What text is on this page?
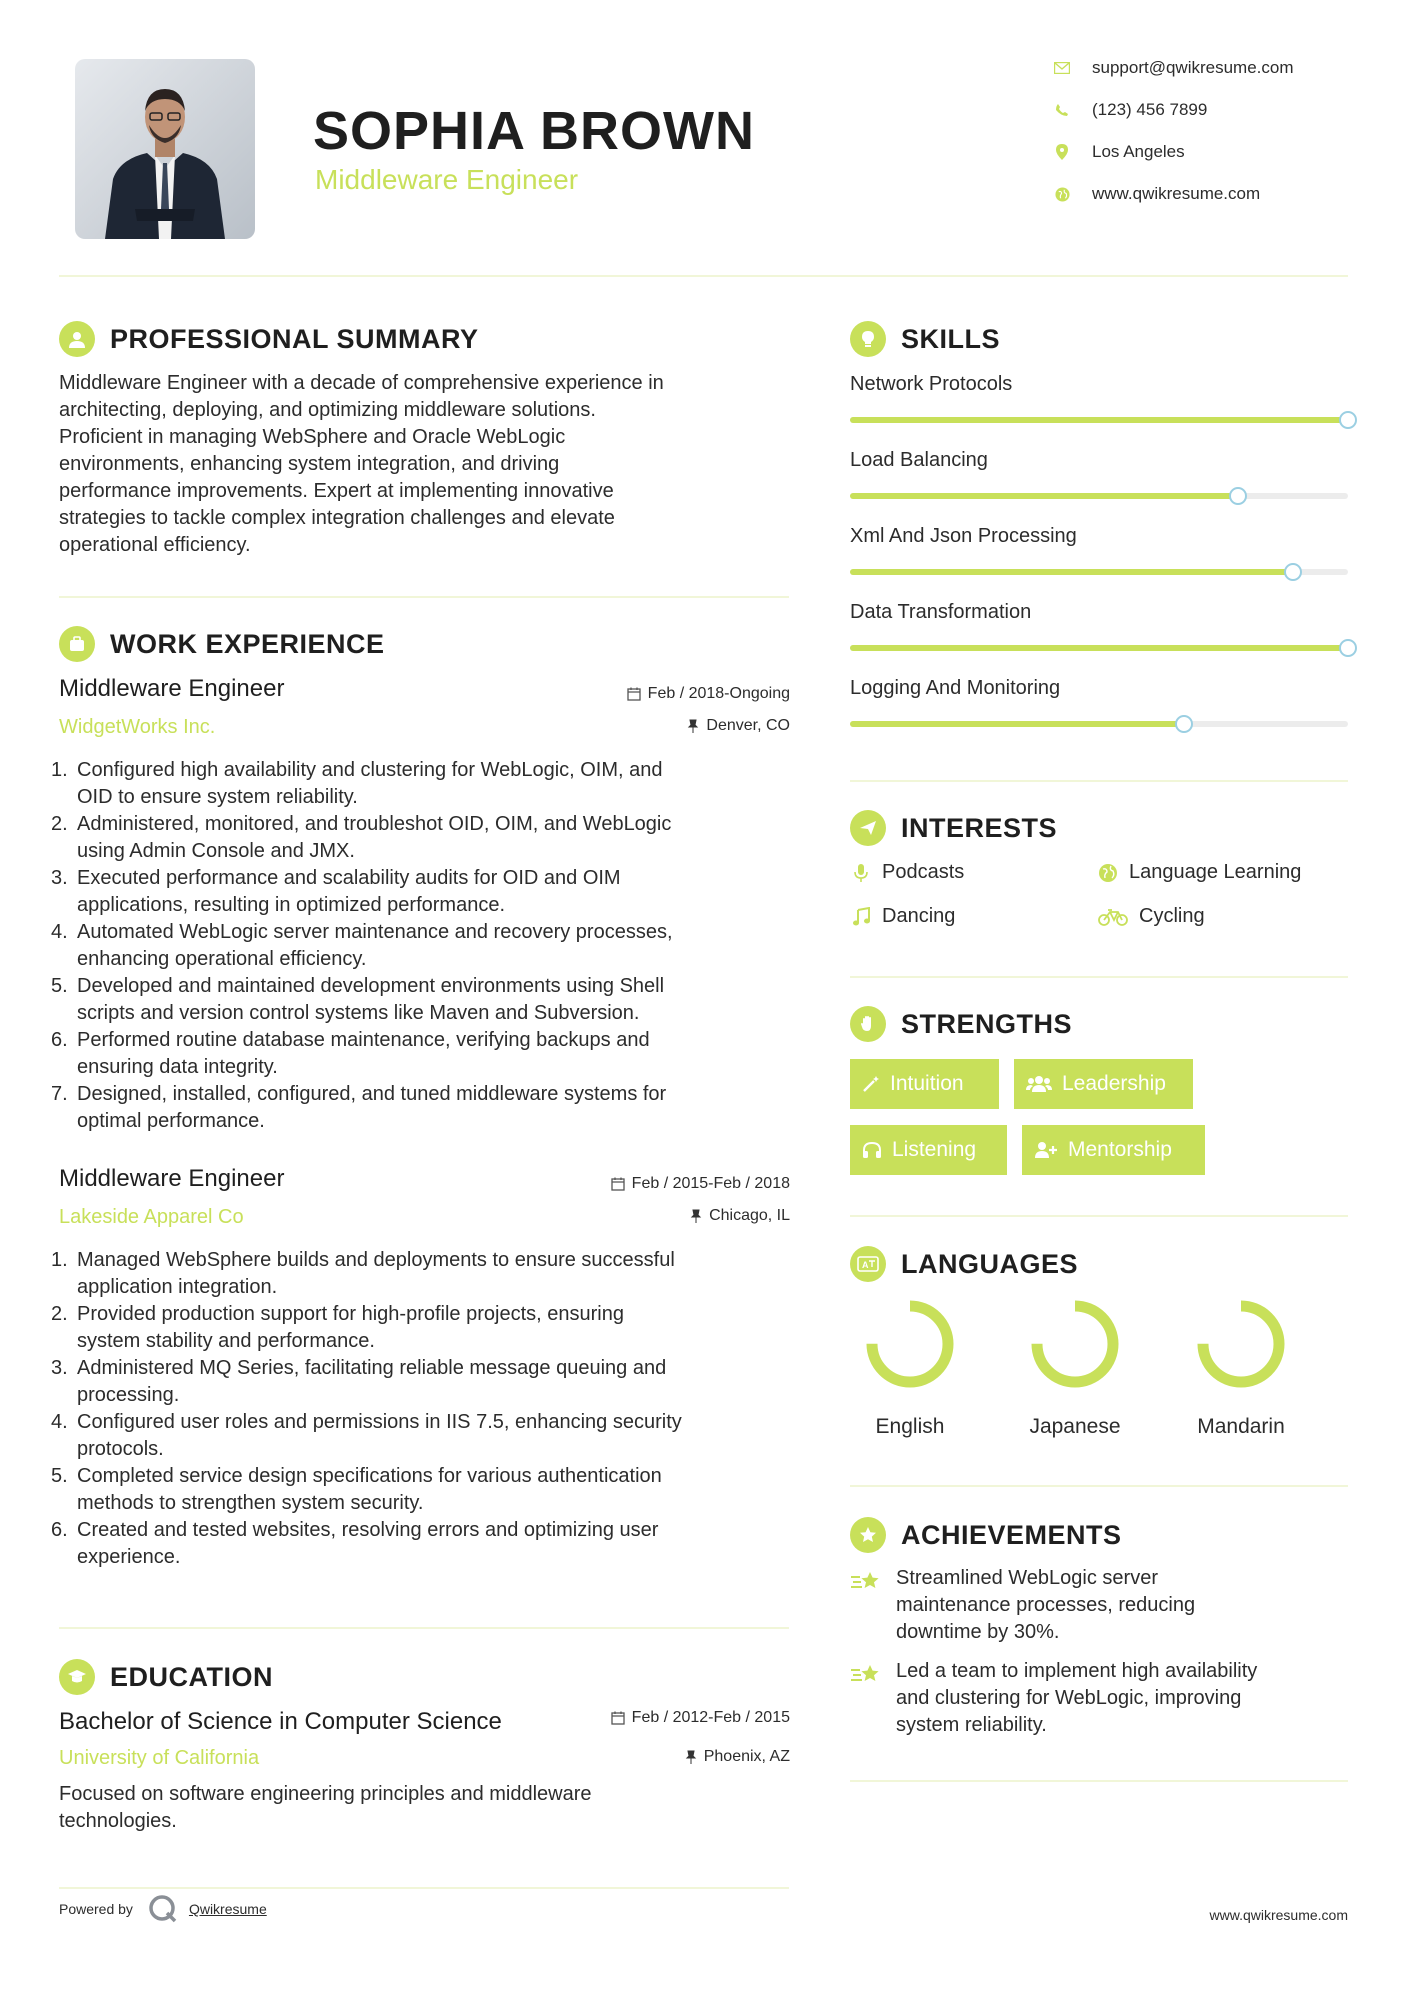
SOPHIA BROWN
Middleware Engineer
support@qwikresume.com
(123) 456 7899
Los Angeles
www.qwikresume.com
PROFESSIONAL SUMMARY
Middleware Engineer with a decade of comprehensive experience in
architecting, deploying, and optimizing middleware solutions.
Proficient in managing WebSphere and Oracle WebLogic
environments, enhancing system integration, and driving
performance improvements. Expert at implementing innovative
strategies to tackle complex integration challenges and elevate
operational efficiency.
WORK EXPERIENCE
Middleware Engineer
WidgetWorks Inc.
Feb / 2018-Ongoing
Denver, CO
Configured high availability and clustering for WebLogic, OIM, and
OID to ensure system reliability.
Administered, monitored, and troubleshot OID, OIM, and WebLogic
using Admin Console and JMX.
Executed performance and scalability audits for OID and OIM
applications, resulting in optimized performance.
Automated WebLogic server maintenance and recovery processes,
enhancing operational efficiency.
Developed and maintained development environments using Shell
scripts and version control systems like Maven and Subversion.
Performed routine database maintenance, verifying backups and
ensuring data integrity.
Designed, installed, configured, and tuned middleware systems for
optimal performance.
Middleware Engineer
Lakeside Apparel Co
Feb / 2015-Feb / 2018
Chicago, IL
Managed WebSphere builds and deployments to ensure successful
application integration.
Provided production support for high-profile projects, ensuring
system stability and performance.
Administered MQ Series, facilitating reliable message queuing and
processing.
Configured user roles and permissions in IIS 7.5, enhancing security
protocols.
Completed service design specifications for various authentication
methods to strengthen system security.
Created and tested websites, resolving errors and optimizing user
experience.
EDUCATION
Bachelor of Science in Computer Science
University of California
Feb / 2012-Feb / 2015
Phoenix, AZ
Focused on software engineering principles and middleware
technologies.
SKILLS
Network Protocols
Load Balancing
Xml And Json Processing
Data Transformation
Logging And Monitoring
INTERESTS
Podcasts	Language Learning
Dancing	Cycling
STRENGTHS
Intuition	Leadership
Listening	Mentorship
A LANGUAGES
English	Japanese	Mandarin
ACHIEVEMENTS
Streamlined WebLogic server
maintenance processes, reducing
downtime by 30%.
Led a team to implement high availability
and clustering for WebLogic, improving
system reliability.
Powered by	Qwikresume	www.qwikresume.com
